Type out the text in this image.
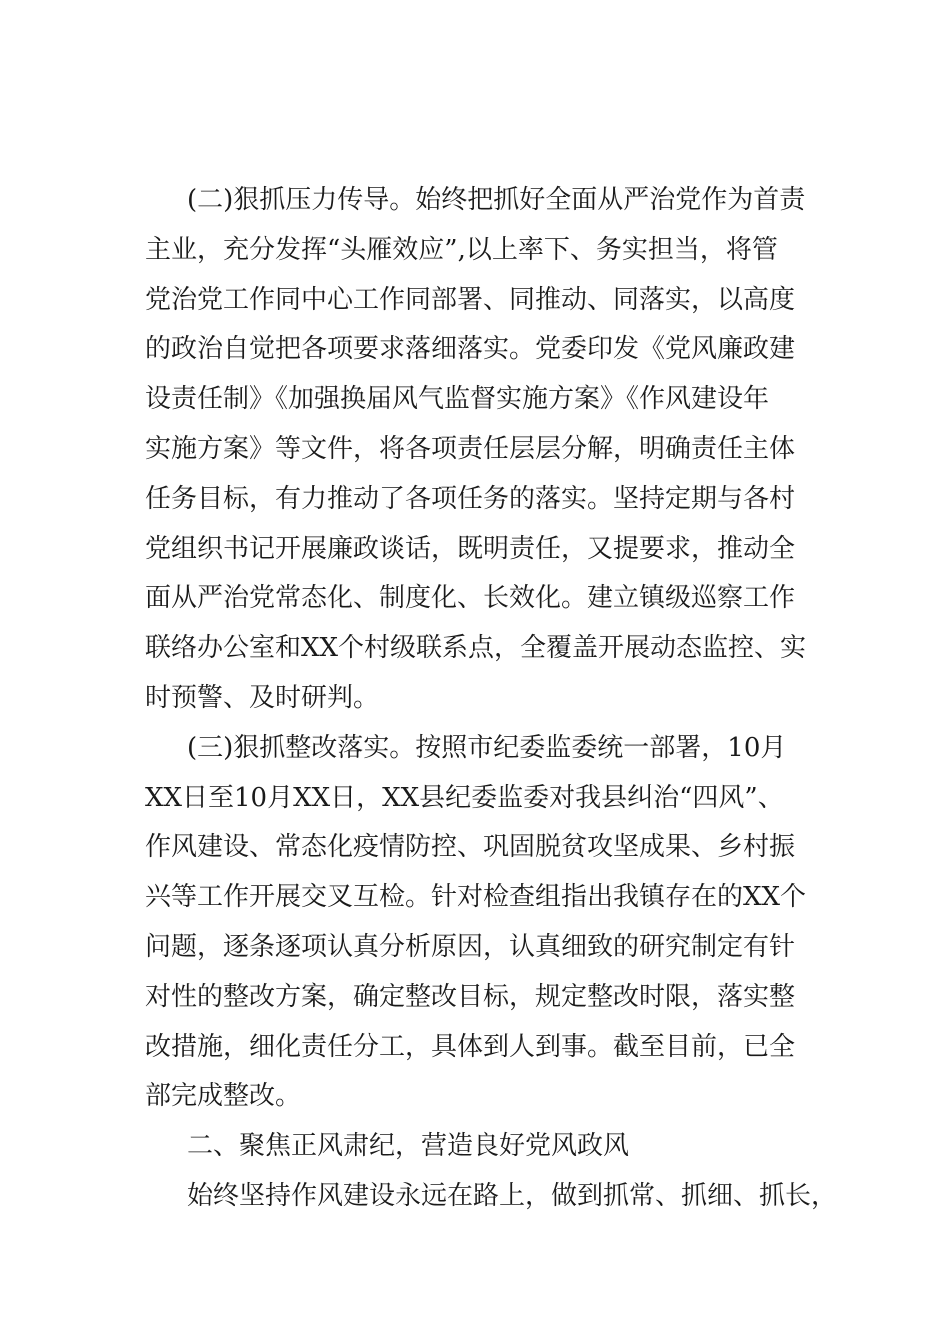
(二)狠抓压力传导。始终把抓好全面从严治党作为首责
主业，充分发挥“头雁效应”,以上率下、务实担当，将管
党治党工作同中心工作同部署、同推动、同落实，以高度
的政治自觉把各项要求落细落实。党委印发《党风廉政建
设责任制》《加强换届风气监督实施方案》《作风建设年
实施方案》等文件，将各项责任层层分解，明确责任主体
任务目标，有力推动了各项任务的落实。坚持定期与各村
党组织书记开展廉政谈话，既明责任，又提要求，推动全
面从严治党常态化、制度化、长效化。建立镇级巡察工作
联络办公室和XX个村级联系点，全覆盖开展动态监控、实
时预警、及时研判。
(三)狠抓整改落实。按照市纪委监委统一部署，10月
XX日至10月XX日，XX县纪委监委对我县纠治“四风”、
作风建设、常态化疫情防控、巩固脱贫攻坚成果、乡村振
兴等工作开展交叉互检。针对检查组指出我镇存在的XX个
问题，逐条逐项认真分析原因，认真细致的研究制定有针
对性的整改方案，确定整改目标，规定整改时限，落实整
改措施，细化责任分工，具体到人到事。截至目前，已全
部完成整改。
二、聚焦正风肃纪，营造良好党风政风
始终坚持作风建设永远在路上，做到抓常、抓细、抓长，
